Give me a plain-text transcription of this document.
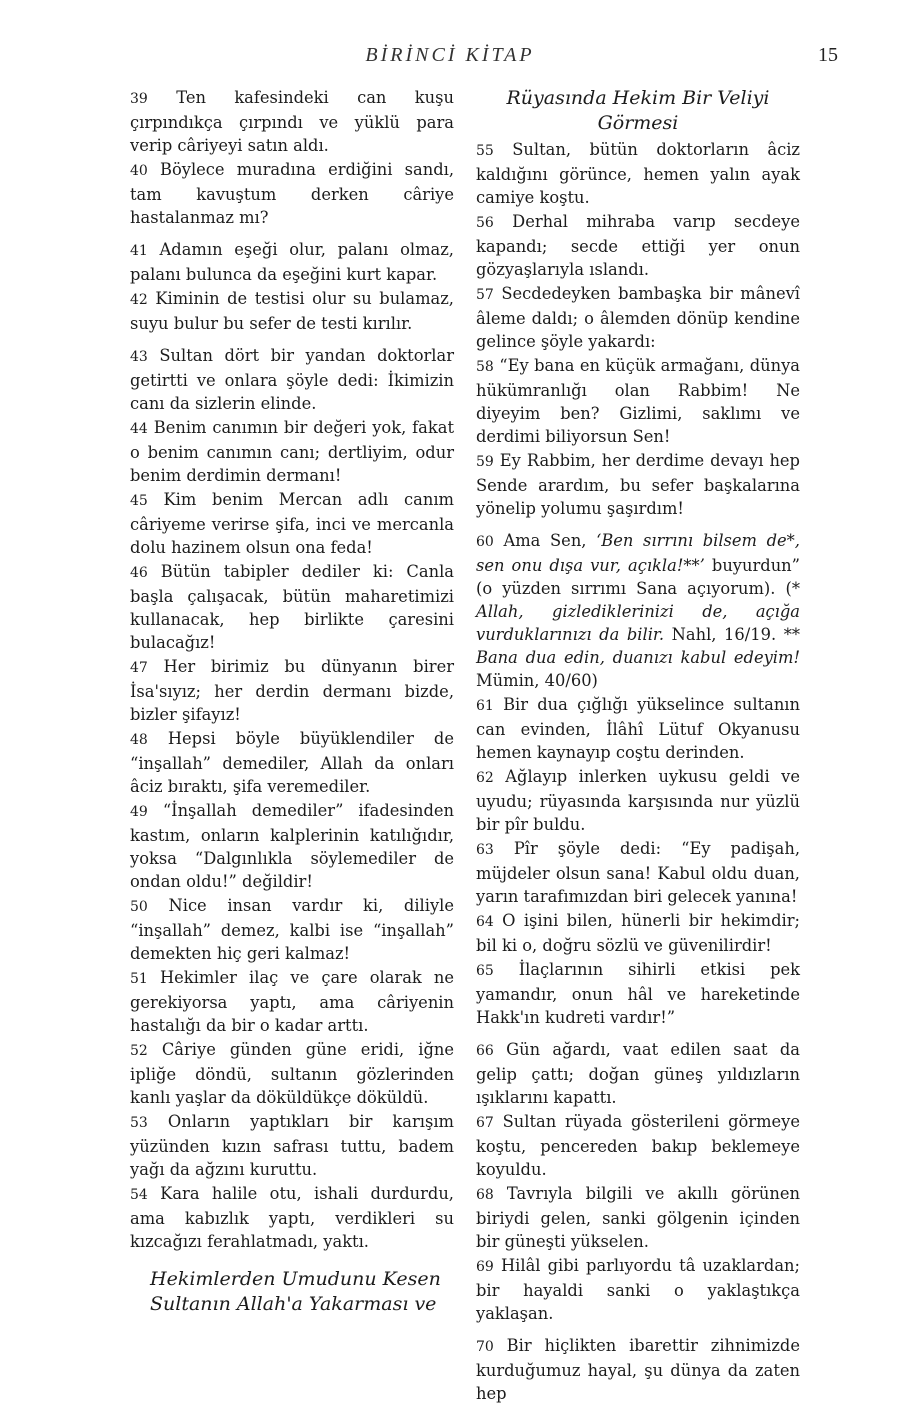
BİRİNCİ KİTAP	15

39 Ten kafesindeki can kuşu çırpındıkça çırpındı ve yüklü para verip câriyeyi satın aldı.

40 Böylece muradına erdiğini sandı, tam kavuştum derken câriye hastalanmaz mı?

41 Adamın eşeği olur, palanı olmaz, palanı bulunca da eşeğini kurt kapar.

42 Kiminin de testisi olur su bulamaz, suyu bulur bu sefer de testi kırılır.

43 Sultan dört bir yandan doktorlar getirtti ve onlara şöyle dedi: İkimizin canı da sizlerin elinde.

44 Benim canımın bir değeri yok, fakat o benim canımın canı; dertliyim, odur benim derdimin dermanı!

45 Kim benim Mercan adlı canım câriyeme verirse şifa, inci ve mercanla dolu hazinem olsun ona feda!

46 Bütün tabipler dediler ki: Canla başla çalışacak, bütün maharetimizi kullanacak, hep birlikte çaresini bulacağız!

47 Her birimiz bu dünyanın birer İsa'sıyız; her derdin dermanı bizde, bizler şifayız!

48 Hepsi böyle büyüklendiler de “inşallah” demediler, Allah da onları âciz bıraktı, şifa veremediler.

49 “İnşallah demediler” ifadesinden kastım, onların kalplerinin katılığıdır, yoksa “Dalgınlıkla söylemediler de ondan oldu!” değildir!

50 Nice insan vardır ki, diliyle “inşallah” demez, kalbi ise “inşallah” demekten hiç geri kalmaz!

51 Hekimler ilaç ve çare olarak ne gerekiyorsa yaptı, ama câriyenin hastalığı da bir o kadar arttı.

52 Câriye günden güne eridi, iğne ipliğe döndü, sultanın gözlerinden kanlı yaşlar da döküldükçe döküldü.

53 Onların yaptıkları bir karışım yüzünden kızın safrası tuttu, badem yağı da ağzını kuruttu.

54 Kara halile otu, ishali durdurdu, ama kabızlık yaptı, verdikleri su kızcağızı ferahlatmadı, yaktı.

Hekimlerden Umudunu Kesen Sultanın Allah'a Yakarması ve

Rüyasında Hekim Bir Veliyi Görmesi

55 Sultan, bütün doktorların âciz kaldığını görünce, hemen yalın ayak camiye koştu.

56 Derhal mihraba varıp secdeye kapandı; secde ettiği yer onun gözyaşlarıyla ıslandı.

57 Secdedeyken bambaşka bir mânevî âleme daldı; o âlemden dönüp kendine gelince şöyle yakardı:

58 “Ey bana en küçük armağanı, dünya hükümranlığı olan Rabbim! Ne diyeyim ben? Gizlimi, saklımı ve derdimi biliyorsun Sen!

59 Ey Rabbim, her derdime devayı hep Sende arardım, bu sefer başkalarına yönelip yolumu şaşırdım!

60 Ama Sen, ‘Ben sırrını bilsem de*, sen onu dışa vur, açıkla!**’ buyurdun” (o yüzden sırrımı Sana açıyorum). (* Allah, gizlediklerinizi de, açığa vurduklarınızı da bilir. Nahl, 16/19. ** Bana dua edin, duanızı kabul edeyim! Mümin, 40/60)

61 Bir dua çığlığı yükselince sultanın can evinden, İlâhî Lütuf Okyanusu hemen kaynayıp coştu derinden.

62 Ağlayıp inlerken uykusu geldi ve uyudu; rüyasında karşısında nur yüzlü bir pîr buldu.

63 Pîr şöyle dedi: “Ey padişah, müjdeler olsun sana! Kabul oldu duan, yarın tarafımızdan biri gelecek yanına!

64 O işini bilen, hünerli bir hekimdir; bil ki o, doğru sözlü ve güvenilirdir!

65 İlaçlarının sihirli etkisi pek yamandır, onun hâl ve hareketinde Hakk'ın kudreti vardır!”

66 Gün ağardı, vaat edilen saat da gelip çattı; doğan güneş yıldızların ışıklarını kapattı.

67 Sultan rüyada gösterileni görmeye koştu, pencereden bakıp beklemeye koyuldu.

68 Tavrıyla bilgili ve akıllı görünen biriydi gelen, sanki gölgenin içinden bir güneşti yükselen.

69 Hilâl gibi parlıyordu tâ uzaklardan; bir hayaldi sanki o yaklaştıkça yaklaşan.

70 Bir hiçlikten ibarettir zihnimizde kurduğumuz hayal, şu dünya da zaten hep
